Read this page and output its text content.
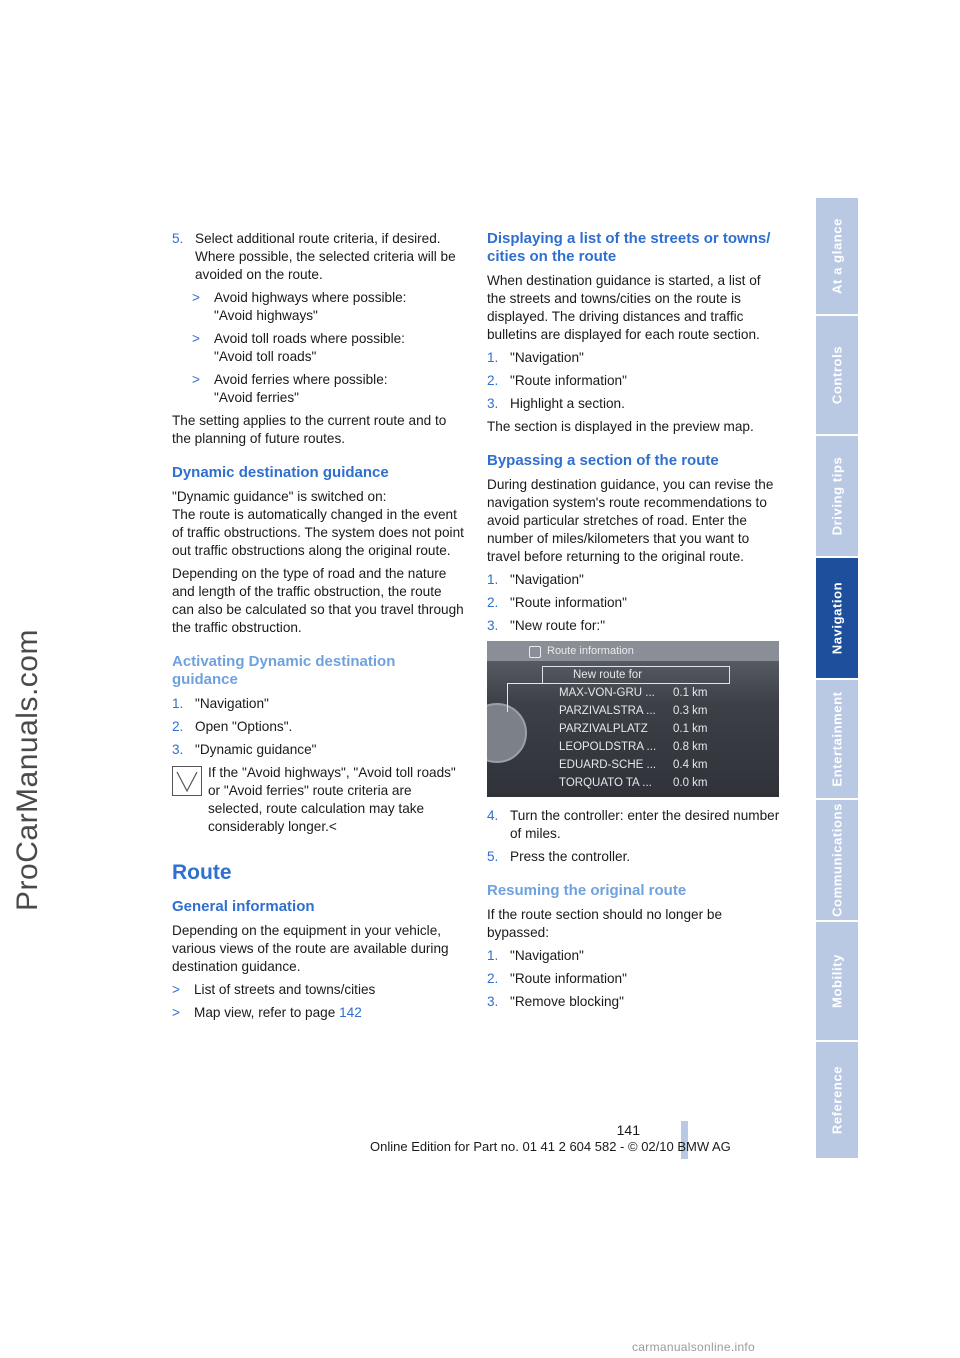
ProCarManuals.com
At a glance
Controls
Driving tips
Navigation
Entertainment
Communications
Mobility
Reference
5. Select additional route criteria, if desired. Where possible, the selected criteria will be avoided on the route.
>	Avoid highways where possible:
"Avoid highways"
>	Avoid toll roads where possible:
"Avoid toll roads"
>	Avoid ferries where possible:
"Avoid ferries"

The setting applies to the current route and to the planning of future routes.

Dynamic destination guidance

"Dynamic guidance" is switched on:
The route is automatically changed in the event of traffic obstructions. The system does not point out traffic obstructions along the original route.

Depending on the type of road and the nature and length of the traffic obstruction, the route can also be calculated so that you travel through the traffic obstruction.

Activating Dynamic destination guidance
1. "Navigation"
2. Open "Options".
3. "Dynamic guidance"
If the "Avoid highways", "Avoid toll roads" or "Avoid ferries" route criteria are selected, route calculation may take considerably longer.<
Route
General information

Depending on the equipment in your vehicle, various views of the route are available during destination guidance.

>	List of streets and towns/cities
>	Map view, refer to page 142
Displaying a list of the streets or towns/ cities on the route

When destination guidance is started, a list of the streets and towns/cities on the route is displayed. The driving distances and traffic bulletins are displayed for each route section.

1. "Navigation"
2. "Route information"
3. Highlight a section.

The section is displayed in the preview map.

Bypassing a section of the route

During destination guidance, you can revise the navigation system's route recommendations to avoid particular stretches of road. Enter the number of miles/kilometers that you want to travel before returning to the original route.

1. "Navigation"
2. "Route information"
3. "New route for:"
Route information
New route for
MAX-VON-GRU ... 0.1 km
PARZIVALSTRA ... 0.3 km
PARZIVALPLATZ 0.1 km
LEOPOLDSTRA ... 0.8 km
EDUARD-SCHE ... 0.4 km
TORQUATO TA ... 0.0 km
4. Turn the controller: enter the desired number of miles.
5. Press the controller.
Resuming the original route

If the route section should no longer be bypassed:

1. "Navigation"
2. "Route information"
3. "Remove blocking"
141
Online Edition for Part no. 01 41 2 604 582 - © 02/10 BMW AG
carmanualsonline.info
